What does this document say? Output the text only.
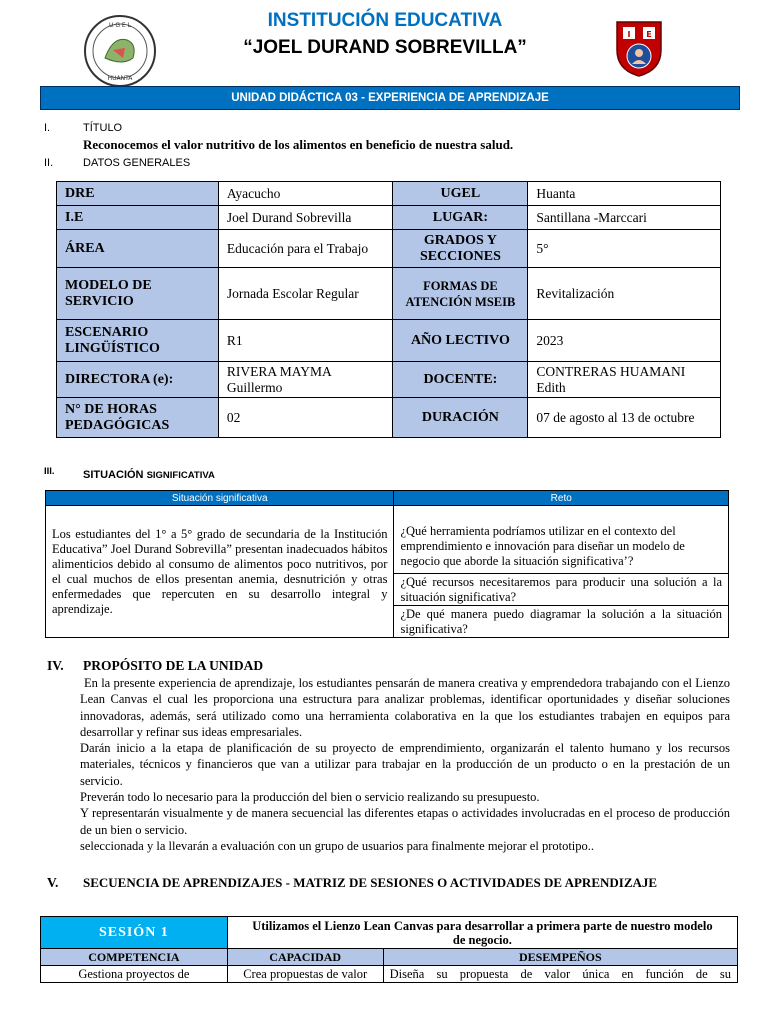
U G E L
HUANTA
INSTITUCIÓN EDUCATIVA
“JOEL DURAND SOBREVILLA”
I E
UNIDAD DIDÁCTICA 03 - EXPERIENCIA DE APRENDIZAJE
I.	TÍTULO
Reconocemos el valor nutritivo de los alimentos en beneficio de nuestra salud.
II.	DATOS GENERALES
DRE	Ayacucho	UGEL	Huanta
I.E	Joel Durand Sobrevilla	LUGAR:	Santillana -Marccari
ÁREA	Educación para el Trabajo	GRADOS Y SECCIONES	5°
MODELO DE SERVICIO	Jornada Escolar Regular	FORMAS DE ATENCIÓN MSEIB	Revitalización
ESCENARIO LINGÜÍSTICO	R1	AÑO LECTIVO	2023
DIRECTORA (e):	RIVERA MAYMA Guillermo	DOCENTE:	CONTRERAS HUAMANI Edith
N° DE HORAS PEDAGÓGICAS	02	DURACIÓN	07 de agosto al 13 de octubre
III.	SITUACIÓN SIGNIFICATIVA
Situación significativa	Reto
Los estudiantes del 1° a 5° grado de secundaria de la Institución Educativa” Joel Durand Sobrevilla” presentan inadecuados hábitos alimenticios debido al consumo de alimentos poco nutritivos, por el cual muchos de ellos presentan anemia, desnutrición y otras enfermedades que repercuten en su desarrollo integral y aprendizaje.	¿Qué herramienta podríamos utilizar en el contexto del emprendimiento e innovación para diseñar un modelo de negocio que aborde la situación significativa’?
	¿Qué recursos necesitaremos para producir una solución a la situación significativa?
	¿De qué manera puedo diagramar la solución a la situación significativa?
IV. PROPÓSITO DE LA UNIDAD

En la presente experiencia de aprendizaje, los estudiantes pensarán de manera creativa y emprendedora trabajando con el Lienzo Lean Canvas el cual les proporciona una estructura para analizar problemas, identificar oportunidades y diseñar soluciones innovadoras, además, será utilizado como una herramienta colaborativa en la que los estudiantes trabajen en equipos para desarrollar y refinar sus ideas empresariales.

Darán inicio a la etapa de planificación de su proyecto de emprendimiento, organizarán el talento humano y los recursos materiales, técnicos y financieros que van a utilizar para trabajar en la producción de un producto o en la prestación de un servicio.

Preverán todo lo necesario para la producción del bien o servicio realizando su presupuesto.

Y representarán visualmente y de manera secuencial las diferentes etapas o actividades involucradas en el proceso de producción de un bien o servicio.

seleccionada y la llevarán a evaluación con un grupo de usuarios para finalmente mejorar el prototipo..

V. SECUENCIA DE APRENDIZAJES - MATRIZ DE SESIONES O ACTIVIDADES DE APRENDIZAJE
SESIÓN 1	Utilizamos el Lienzo Lean Canvas para desarrollar a primera parte de nuestro modelo de negocio.	
COMPETENCIA	CAPACIDAD	DESEMPEÑOS
Gestiona proyectos de	Crea propuestas de valor	Diseña su propuesta de valor única en función de su
